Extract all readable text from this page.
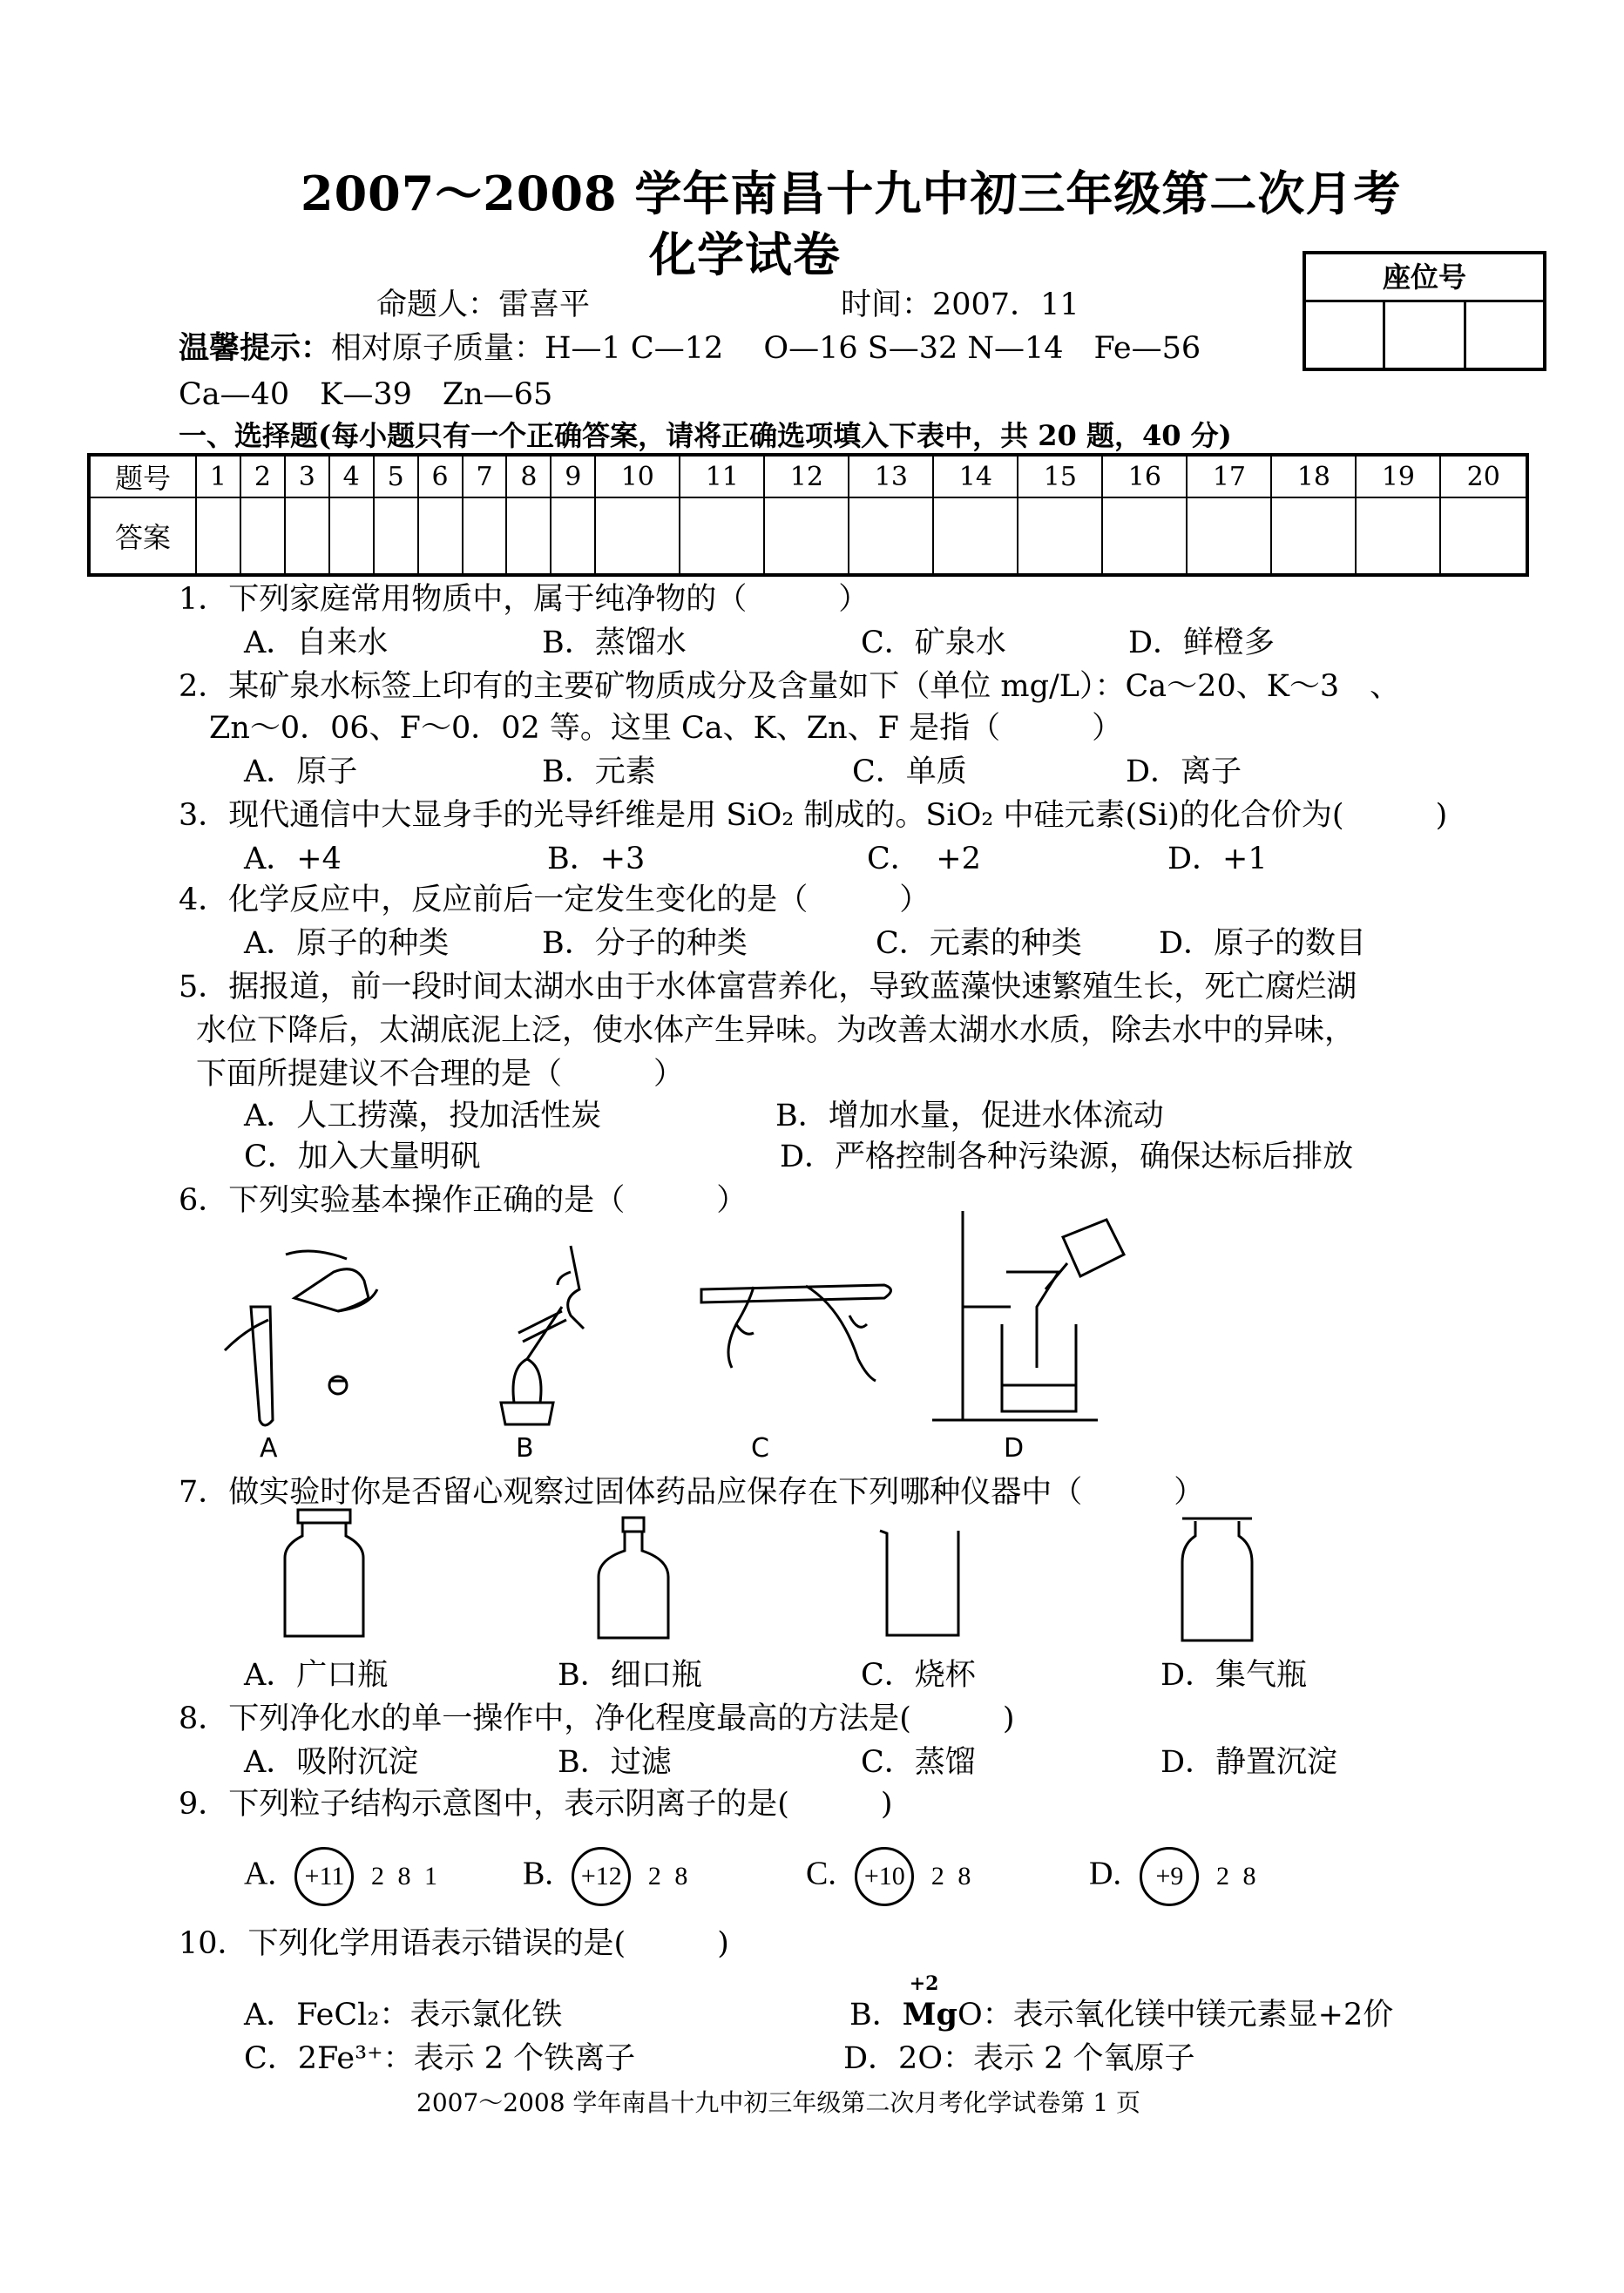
2007～2008 学年南昌十九中初三年级第二次月考
化学试卷	座位号
命题人：雷喜平	时间：2007．11
温馨提示：相对原子质量：H—1 C—12　 O—16 S—32 N—14　Fe—56
Ca—40　K—39　Zn—65
一、选择题(每小题只有一个正确答案，请将正确选项填入下表中，共 20 题，40 分)
题号	1	2	3	4	5	6	7	8	9	10	11	12	13	14	15	16	17	18	19	20
答案																				
1．下列家庭常用物质中，属于纯净物的（　　　）
A．自来水	B．蒸馏水	C．矿泉水	D．鲜橙多
2．某矿泉水标签上印有的主要矿物质成分及含量如下（单位 mg/L）：Ca～20、K～3　、
Zn～0．06、F～0．02 等。这里 Ca、K、Zn、F 是指（　　　）
A．原子	B．元素	C．单质	D．离子
3．现代通信中大显身手的光导纤维是用 SiO₂ 制成的。SiO₂ 中硅元素(Si)的化合价为(　　　)
A．+4	B．+3	C．　+2	D．+1
4．化学反应中，反应前后一定发生变化的是（　　　）
A．原子的种类	B．分子的种类	C．元素的种类	D．原子的数目
5．据报道，前一段时间太湖水由于水体富营养化，导致蓝藻快速繁殖生长，死亡腐烂湖
水位下降后，太湖底泥上泛，使水体产生异味。为改善太湖水水质，除去水中的异味，
下面所提建议不合理的是（　　　）
A．人工捞藻，投加活性炭	B．增加水量，促进水体流动
C．加入大量明矾	D．严格控制各种污染源，确保达标后排放
6．下列实验基本操作正确的是（　　　）
A	B	C	D
7．做实验时你是否留心观察过固体药品应保存在下列哪种仪器中（　　　）
A．广口瓶	B．细口瓶	C．烧杯	D．集气瓶
8．下列净化水的单一操作中，净化程度最高的方法是(　　　)
A．吸附沉淀	B．过滤	C．蒸馏	D．静置沉淀
9．下列粒子结构示意图中，表示阴离子的是(　　　)
A. +11 2 8 1 B. +12 2 8	C. +10 2 8	D. +9 2 8
10．下列化学用语表示错误的是(　　　)
A．FeCl₂：表示氯化铁	B．
+2
MgO：表示氧化镁中镁元素显+2价
C．2Fe³⁺：表示 2 个铁离子	D．2O：表示 2 个氧原子
2007～2008 学年南昌十九中初三年级第二次月考化学试卷第 1 页
